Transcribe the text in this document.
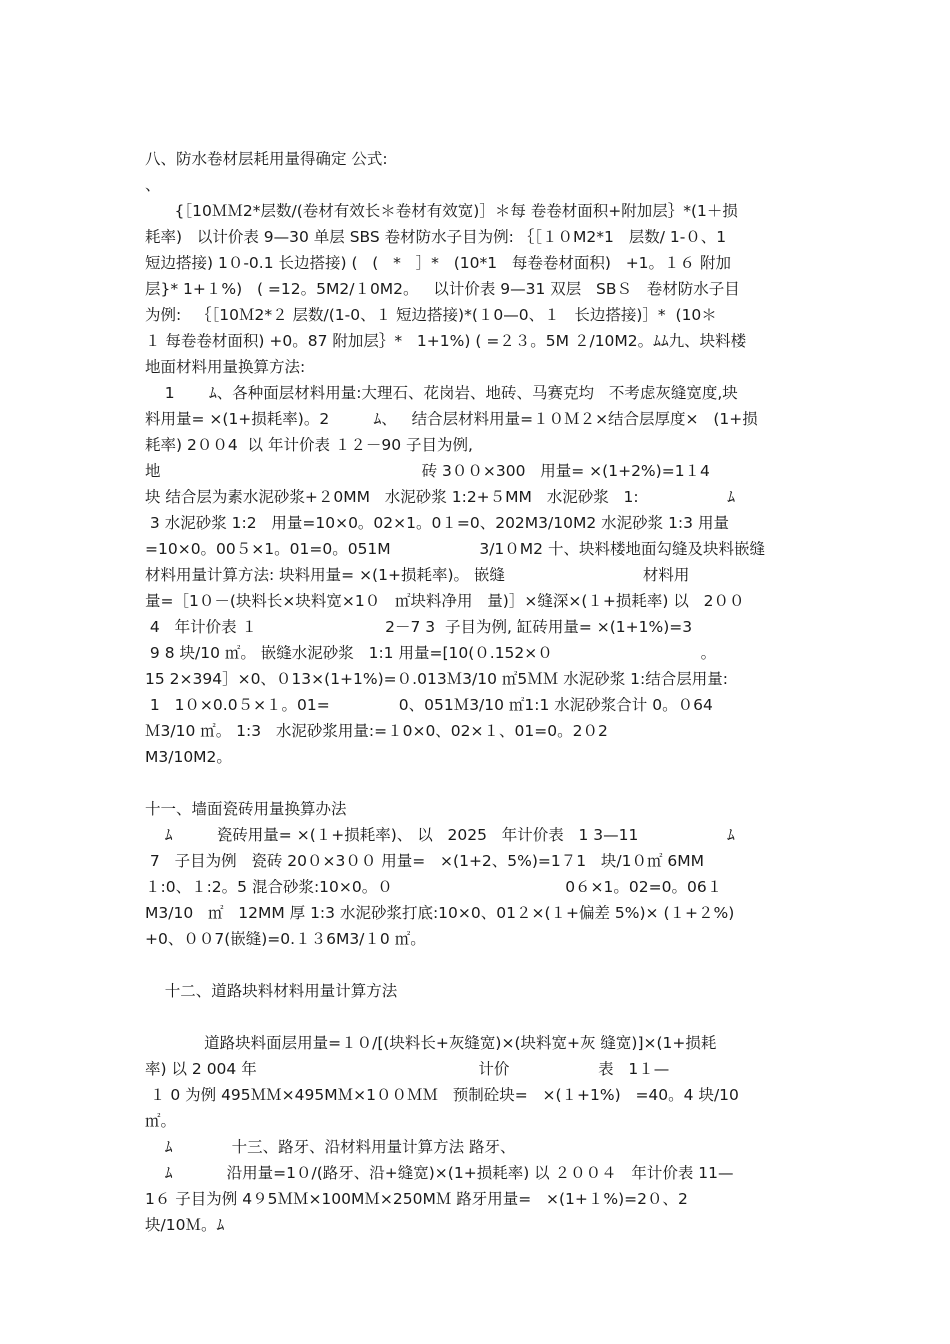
八、防水卷材层耗用量得确定 公式:
、
{［10ＭＭ2*层数/(卷材有效长＊卷材有效宽)］＊每 卷卷材面积+附加层｝*(1＋损
耗率)   以计价表 9—30 单层 SBS 卷材防水子目为例: ｛［１０M2*1   层数/ 1-０、1
短边搭接) 1０-0.1 长边搭接) (   (   *   ］*   (10*1   每卷卷材面积)   +1。１６ 附加
层}* 1+１%)   ( =12。5M2/１0M2。   以计价表 9—31 双层   SBＳ   卷材防水子目
为例:   ｛［10Ｍ2*２ 层数/(1-0、１ 短边搭接)*(１0—0、１   长边搭接)］*  (10＊
１ 每卷卷材面积) +0。87 附加层｝*   1+1%) ( =２３。5M ２/10M2。ﾑﾑ九、块料楼
地面材料用量换算方法:
1       ﾑ、各种面层材料用量:大理石、花岗岩、地砖、马赛克均   不考虑灰缝宽度,块
料用量= ×(1+损耗率)。2         ﾑ、   结合层材料用量=１０Ｍ２×结合层厚度×   (1+损
耗率) 2００4  以 年计价表 １２－90 子目为例,
地                                                     砖 3００×300   用量= ×(1+2%)=1１4
块 结合层为素水泥砂浆+２0MM   水泥砂浆 1:2+５MM   水泥砂浆   1:                  ﾑ
3 水泥砂浆 1:2   用量=10×0。02×1。0１=0、202M3/10M2 水泥砂浆 1:3 用量
=10×0。00５×1。01=0。051M                  3/1０M2 十、块料楼地面勾缝及块料嵌缝
材料用量计算方法: 块料用量= ×(1+损耗率)。 嵌缝                            材料用
量=［1０－(块料长×块料宽×1０   ㎡块料净用   量)］×缝深×(１+损耗率) 以   2００
4   年计价表 １                          2－7 3  子目为例, 缸砖用量= ×(1+1%)=3
9 8 块/10 ㎡。 嵌缝水泥砂浆   1:1 用量=[10(０.152×０                              。
15 2×394］×0、０13×(1+1%)=０.013Ｍ3/10 ㎡5ＭＭ 水泥砂浆 1:结合层用量:
1   1０×0.0５×１。01=              0、051Ｍ3/10 ㎡1:1 水泥砂浆合计 0。０64
Ｍ3/10 ㎡。 1:3   水泥砂浆用量:=１0×0、02×１、01=0。2０2
M3/10M2。
十一、墙面瓷砖用量换算办法
ﾑ         瓷砖用量= ×(１+损耗率)、 以   2025   年计价表   1 3—11                  ﾑ
7   子目为例   瓷砖 20０×3００ 用量=   ×(1+2、5%)=1７1   块/1０㎡ 6MM
１:0、１:2。5 混合砂浆:10×0。０                                   0６×1。02=0。06１
M3/10   ㎡   12MM 厚 1:3 水泥砂浆打底:10×0、01２×(１+偏差 5%)× (１+２%)
+0、００7(嵌缝)=0.１３6M3/１0 ㎡。
十二、道路块料材料用量计算方法
道路块料面层用量=１０/[(块料长+灰缝宽)×(块料宽+灰 缝宽)]×(1+损耗
率) 以 2 004 年                                             计价                  表   1１—
１ 0 为例 495ＭＭ×495MＭ×1００ＭＭ   预制砼块=   ×(１+1%)   =40。4 块/10
㎡。
ﾑ            十三、路牙、沿材料用量计算方法 路牙、
ﾑ           沿用量=1０/(路牙、沿+缝宽)×(1+损耗率) 以 ２００４   年计价表 11—
1６ 子目为例 4９5ＭＭ×100MＭ×250MＭ 路牙用量=   ×(1+１%)=2０、2
块/10Ｍ。ﾑ
